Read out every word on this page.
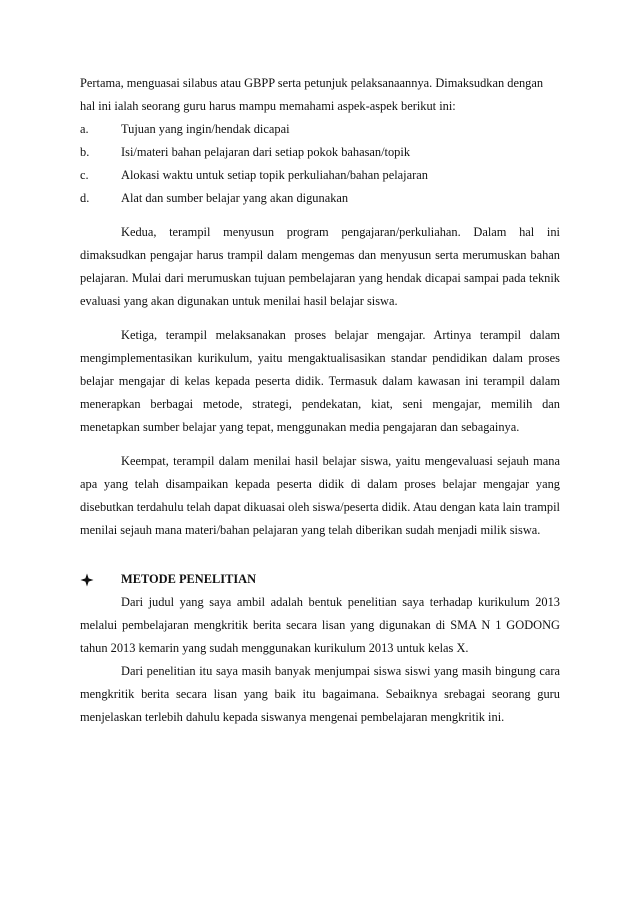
Pertama, menguasai silabus atau GBPP serta petunjuk pelaksanaannya. Dimaksudkan dengan

hal ini ialah seorang guru harus mampu memahami aspek-aspek berikut ini:

a.	Tujuan yang ingin/hendak dicapai
b.	Isi/materi bahan pelajaran dari setiap pokok bahasan/topik
c.	Alokasi waktu untuk setiap topik perkuliahan/bahan pelajaran
d.	Alat dan sumber belajar yang akan digunakan

Kedua, terampil menyusun program pengajaran/perkuliahan. Dalam hal ini dimaksudkan pengajar harus trampil dalam mengemas dan menyusun serta merumuskan bahan pelajaran. Mulai dari merumuskan tujuan pembelajaran yang hendak dicapai sampai pada teknik evaluasi yang akan digunakan untuk menilai hasil belajar siswa.

Ketiga, terampil melaksanakan proses belajar mengajar. Artinya terampil dalam mengimplementasikan kurikulum, yaitu mengaktualisasikan standar pendidikan dalam proses belajar mengajar di kelas kepada peserta didik. Termasuk dalam kawasan ini terampil dalam menerapkan berbagai metode, strategi, pendekatan, kiat, seni mengajar, memilih dan menetapkan sumber belajar yang tepat, menggunakan media pengajaran dan sebagainya.

Keempat, terampil dalam menilai hasil belajar siswa, yaitu mengevaluasi sejauh mana apa yang telah disampaikan kepada peserta didik di dalam proses belajar mengajar yang disebutkan terdahulu telah dapat dikuasai oleh siswa/peserta didik. Atau dengan kata lain trampil menilai sejauh mana materi/bahan pelajaran yang telah diberikan sudah menjadi milik siswa.

METODE PENELITIAN

Dari judul yang saya ambil adalah bentuk penelitian saya terhadap kurikulum 2013 melalui pembelajaran mengkritik berita secara lisan yang digunakan di SMA N 1 GODONG tahun 2013 kemarin yang sudah menggunakan kurikulum 2013 untuk kelas X.

Dari penelitian itu saya masih banyak menjumpai siswa siswi yang masih bingung cara mengkritik berita secara lisan yang baik itu bagaimana. Sebaiknya srebagai seorang guru menjelaskan terlebih dahulu kepada siswanya mengenai pembelajaran mengkritik ini.
